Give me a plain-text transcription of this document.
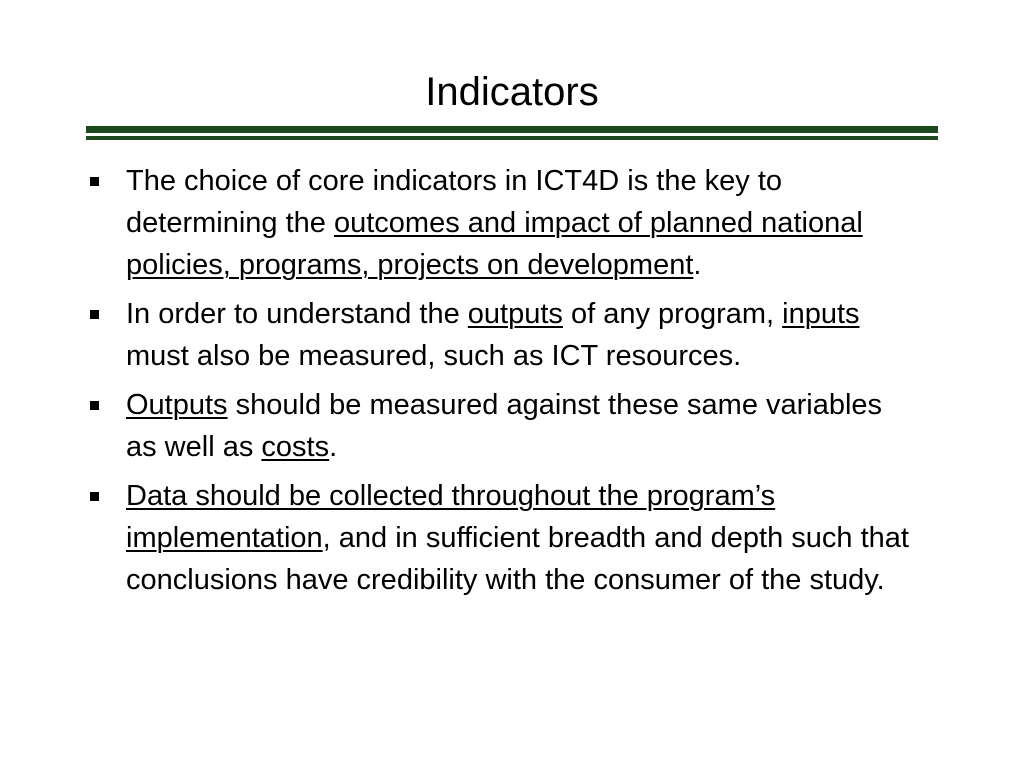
Indicators
The choice of core indicators in ICT4D is the key to determining the outcomes and impact of planned national policies, programs, projects on development.
In order to understand the outputs of any program, inputs must also be measured, such as ICT resources.
Outputs should be measured against these same variables as well as costs.
Data should be collected throughout the program’s implementation, and in sufficient breadth and depth such that conclusions have credibility with the consumer of the study.
